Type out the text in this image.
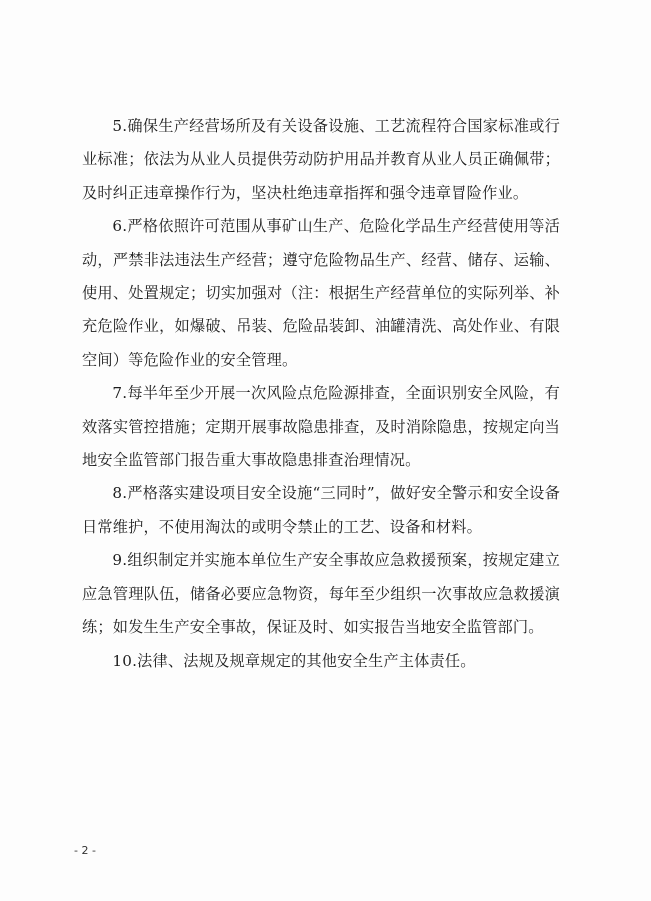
5.确保生产经营场所及有关设备设施、工艺流程符合国家标准或行业标准；依法为从业人员提供劳动防护用品并教育从业人员正确佩带；及时纠正违章操作行为，坚决杜绝违章指挥和强令违章冒险作业。

6.严格依照许可范围从事矿山生产、危险化学品生产经营使用等活动，严禁非法违法生产经营；遵守危险物品生产、经营、储存、运输、使用、处置规定；切实加强对（注：根据生产经营单位的实际列举、补充危险作业，如爆破、吊装、危险品装卸、油罐清洗、高处作业、有限空间）等危险作业的安全管理。

7.每半年至少开展一次风险点危险源排查，全面识别安全风险，有效落实管控措施；定期开展事故隐患排查，及时消除隐患，按规定向当地安全监管部门报告重大事故隐患排查治理情况。

8.严格落实建设项目安全设施“三同时”，做好安全警示和安全设备日常维护，不使用淘汰的或明令禁止的工艺、设备和材料。

9.组织制定并实施本单位生产安全事故应急救援预案，按规定建立应急管理队伍，储备必要应急物资，每年至少组织一次事故应急救援演练；如发生生产安全事故，保证及时、如实报告当地安全监管部门。

10.法律、法规及规章规定的其他安全生产主体责任。

- 2 -
